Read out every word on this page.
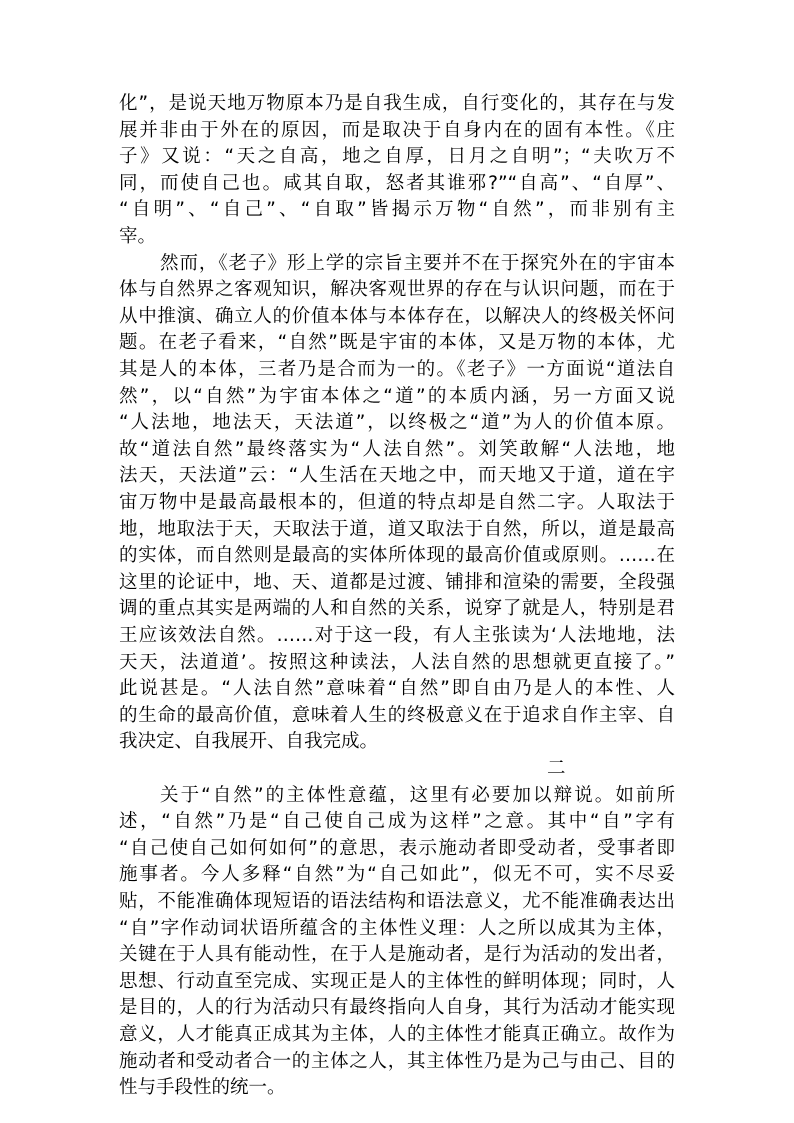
化”，是说天地万物原本乃是自我生成，自行变化的，其存在与发
展并非由于外在的原因，而是取决于自身内在的固有本性。《庄
子》又说：“天之自高，地之自厚，日月之自明”；“夫吹万不
同，而使自己也。咸其自取，怒者其谁邪?”“自高”、“自厚”、
“自明”、“自己”、“自取”皆揭示万物“自然”，而非别有主
宰。
然而，《老子》形上学的宗旨主要并不在于探究外在的宇宙本
体与自然界之客观知识，解决客观世界的存在与认识问题，而在于
从中推演、确立人的价值本体与本体存在，以解决人的终极关怀问
题。在老子看来，“自然”既是宇宙的本体，又是万物的本体，尤
其是人的本体，三者乃是合而为一的。《老子》一方面说“道法自
然”，以“自然”为宇宙本体之“道”的本质内涵，另一方面又说
“人法地，地法天，天法道”，以终极之“道”为人的价值本原。
故“道法自然”最终落实为“人法自然”。刘笑敢解“人法地，地
法天，天法道”云：“人生活在天地之中，而天地又于道，道在宇
宙万物中是最高最根本的，但道的特点却是自然二字。人取法于
地，地取法于天，天取法于道，道又取法于自然，所以，道是最高
的实体，而自然则是最高的实体所体现的最高价值或原则。……在
这里的论证中，地、天、道都是过渡、铺排和渲染的需要，全段强
调的重点其实是两端的人和自然的关系，说穿了就是人，特别是君
王应该效法自然。……对于这一段，有人主张读为‘人法地地，法
天天，法道道’。按照这种读法，人法自然的思想就更直接了。”
此说甚是。“人法自然”意味着“自然”即自由乃是人的本性、人
的生命的最高价值，意味着人生的终极意义在于追求自作主宰、自
我决定、自我展开、自我完成。
二
关于“自然”的主体性意蕴，这里有必要加以辩说。如前所
述，“自然”乃是“自己使自己成为这样”之意。其中“自”字有
“自己使自己如何如何”的意思，表示施动者即受动者，受事者即
施事者。今人多释“自然”为“自己如此”，似无不可，实不尽妥
贴，不能准确体现短语的语法结构和语法意义，尤不能准确表达出
“自”字作动词状语所蕴含的主体性义理：人之所以成其为主体，
关键在于人具有能动性，在于人是施动者，是行为活动的发出者，
思想、行动直至完成、实现正是人的主体性的鲜明体现；同时，人
是目的，人的行为活动只有最终指向人自身，其行为活动才能实现
意义，人才能真正成其为主体，人的主体性才能真正确立。故作为
施动者和受动者合一的主体之人，其主体性乃是为己与由己、目的
性与手段性的统一。
